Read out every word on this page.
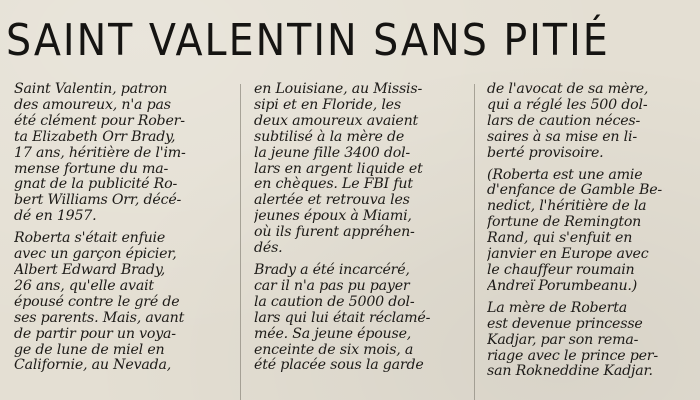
SAINT VALENTIN SANS PITIÉ

Saint Valentin, patron
des amoureux, n'a pas
été clément pour Rober-
ta Elizabeth Orr Brady,
17 ans, héritière de l'im-
mense fortune du ma-
gnat de la publicité Ro-
bert Williams Orr, décé-
dé en 1957.

Roberta s'était enfuie
avec un garçon épicier,
Albert Edward Brady,
26 ans, qu'elle avait
épousé contre le gré de
ses parents. Mais, avant
de partir pour un voya-
ge de lune de miel en
Californie, au Nevada,

en Louisiane, au Missis-
sipi et en Floride, les
deux amoureux avaient
subtilisé à la mère de
la jeune fille 3400 dol-
lars en argent liquide et
en chèques. Le FBI fut
alertée et retrouva les
jeunes époux à Miami,
où ils furent appréhen-
dés.

Brady a été incarcéré,
car il n'a pas pu payer
la caution de 5000 dol-
lars qui lui était réclamé-
mée. Sa jeune épouse,
enceinte de six mois, a
été placée sous la garde

de l'avocat de sa mère,
qui a réglé les 500 dol-
lars de caution néces-
saires à sa mise en li-
berté provisoire.

(Roberta est une amie
d'enfance de Gamble Be-
nedict, l'héritière de la
fortune de Remington
Rand, qui s'enfuit en
janvier en Europe avec
le chauffeur roumain
Andreï Porumbeanu.)

La mère de Roberta
est devenue princesse
Kadjar, par son rema-
riage avec le prince per-
san Rokneddine Kadjar.
